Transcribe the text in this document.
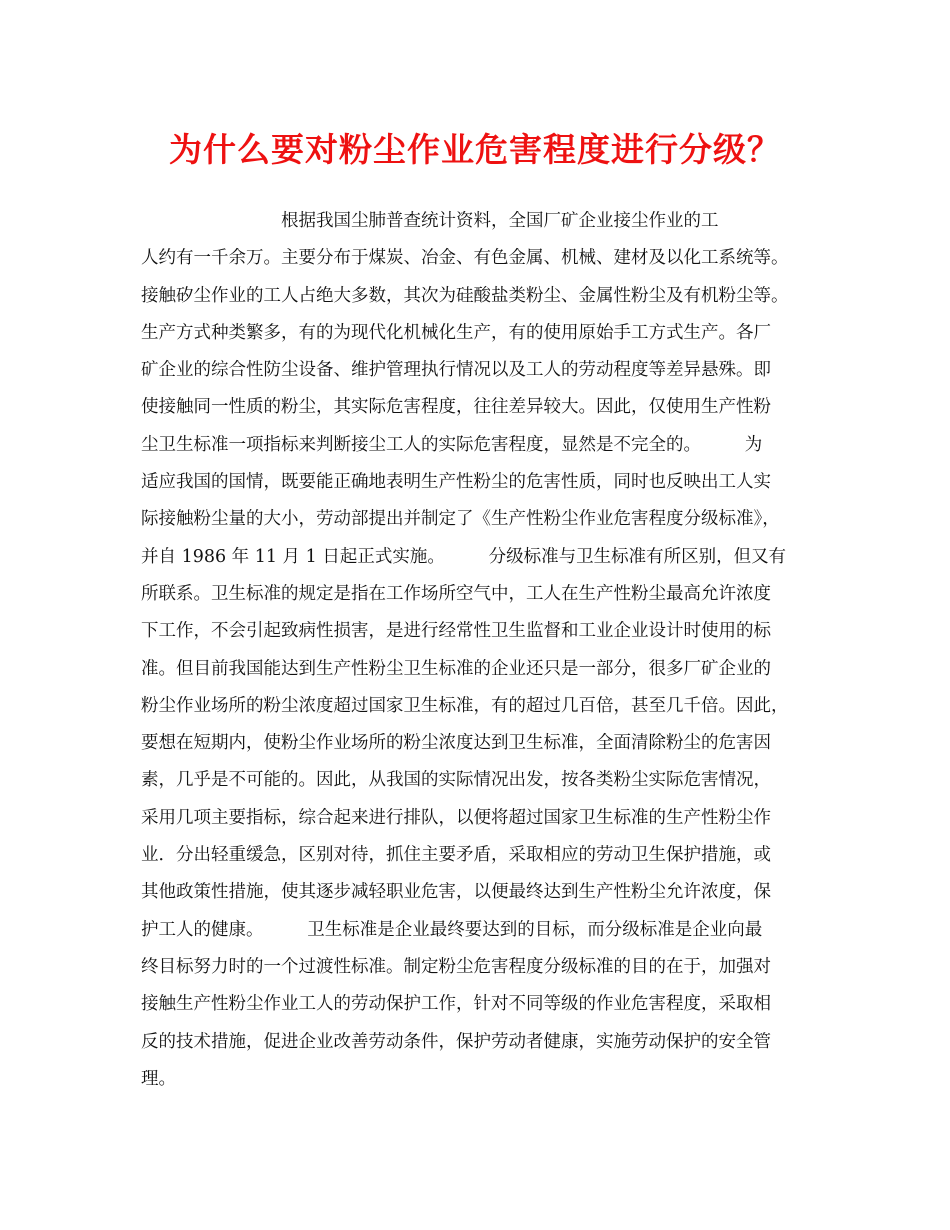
为什么要对粉尘作业危害程度进行分级？
　　　　　　　　根据我国尘肺普查统计资料，全国厂矿企业接尘作业的工
人约有一千余万。主要分布于煤炭、冶金、有色金属、机械、建材及以化工系统等。
接触矽尘作业的工人占绝大多数，其次为硅酸盐类粉尘、金属性粉尘及有机粉尘等。
生产方式种类繁多，有的为现代化机械化生产，有的使用原始手工方式生产。各厂
矿企业的综合性防尘设备、维护管理执行情况以及工人的劳动程度等差异悬殊。即
使接触同一性质的粉尘，其实际危害程度，往往差异较大。因此，仅使用生产性粉
尘卫生标准一项指标来判断接尘工人的实际危害程度，显然是不完全的。　　　为
适应我国的国情，既要能正确地表明生产性粉尘的危害性质，同时也反映出工人实
际接触粉尘量的大小，劳动部提出并制定了《生产性粉尘作业危害程度分级标准》，
并自 1986 年 11 月 1 日起正式实施。　　　分级标准与卫生标准有所区别，但又有
所联系。卫生标准的规定是指在工作场所空气中，工人在生产性粉尘最高允许浓度
下工作，不会引起致病性损害，是进行经常性卫生监督和工业企业设计时使用的标
准。但目前我国能达到生产性粉尘卫生标准的企业还只是一部分，很多厂矿企业的
粉尘作业场所的粉尘浓度超过国家卫生标准，有的超过几百倍，甚至几千倍。因此，
要想在短期内，使粉尘作业场所的粉尘浓度达到卫生标准，全面清除粉尘的危害因
素，几乎是不可能的。因此，从我国的实际情况出发，按各类粉尘实际危害情况，
采用几项主要指标，综合起来进行排队，以便将超过国家卫生标准的生产性粉尘作
业．分出轻重缓急，区别对待，抓住主要矛盾，采取相应的劳动卫生保护措施，或
其他政策性措施，使其逐步减轻职业危害，以便最终达到生产性粉尘允许浓度，保
护工人的健康。　　　卫生标准是企业最终要达到的目标，而分级标准是企业向最
终目标努力时的一个过渡性标准。制定粉尘危害程度分级标准的目的在于，加强对
接触生产性粉尘作业工人的劳动保护工作，针对不同等级的作业危害程度，采取相
反的技术措施，促进企业改善劳动条件，保护劳动者健康，实施劳动保护的安全管
理。
